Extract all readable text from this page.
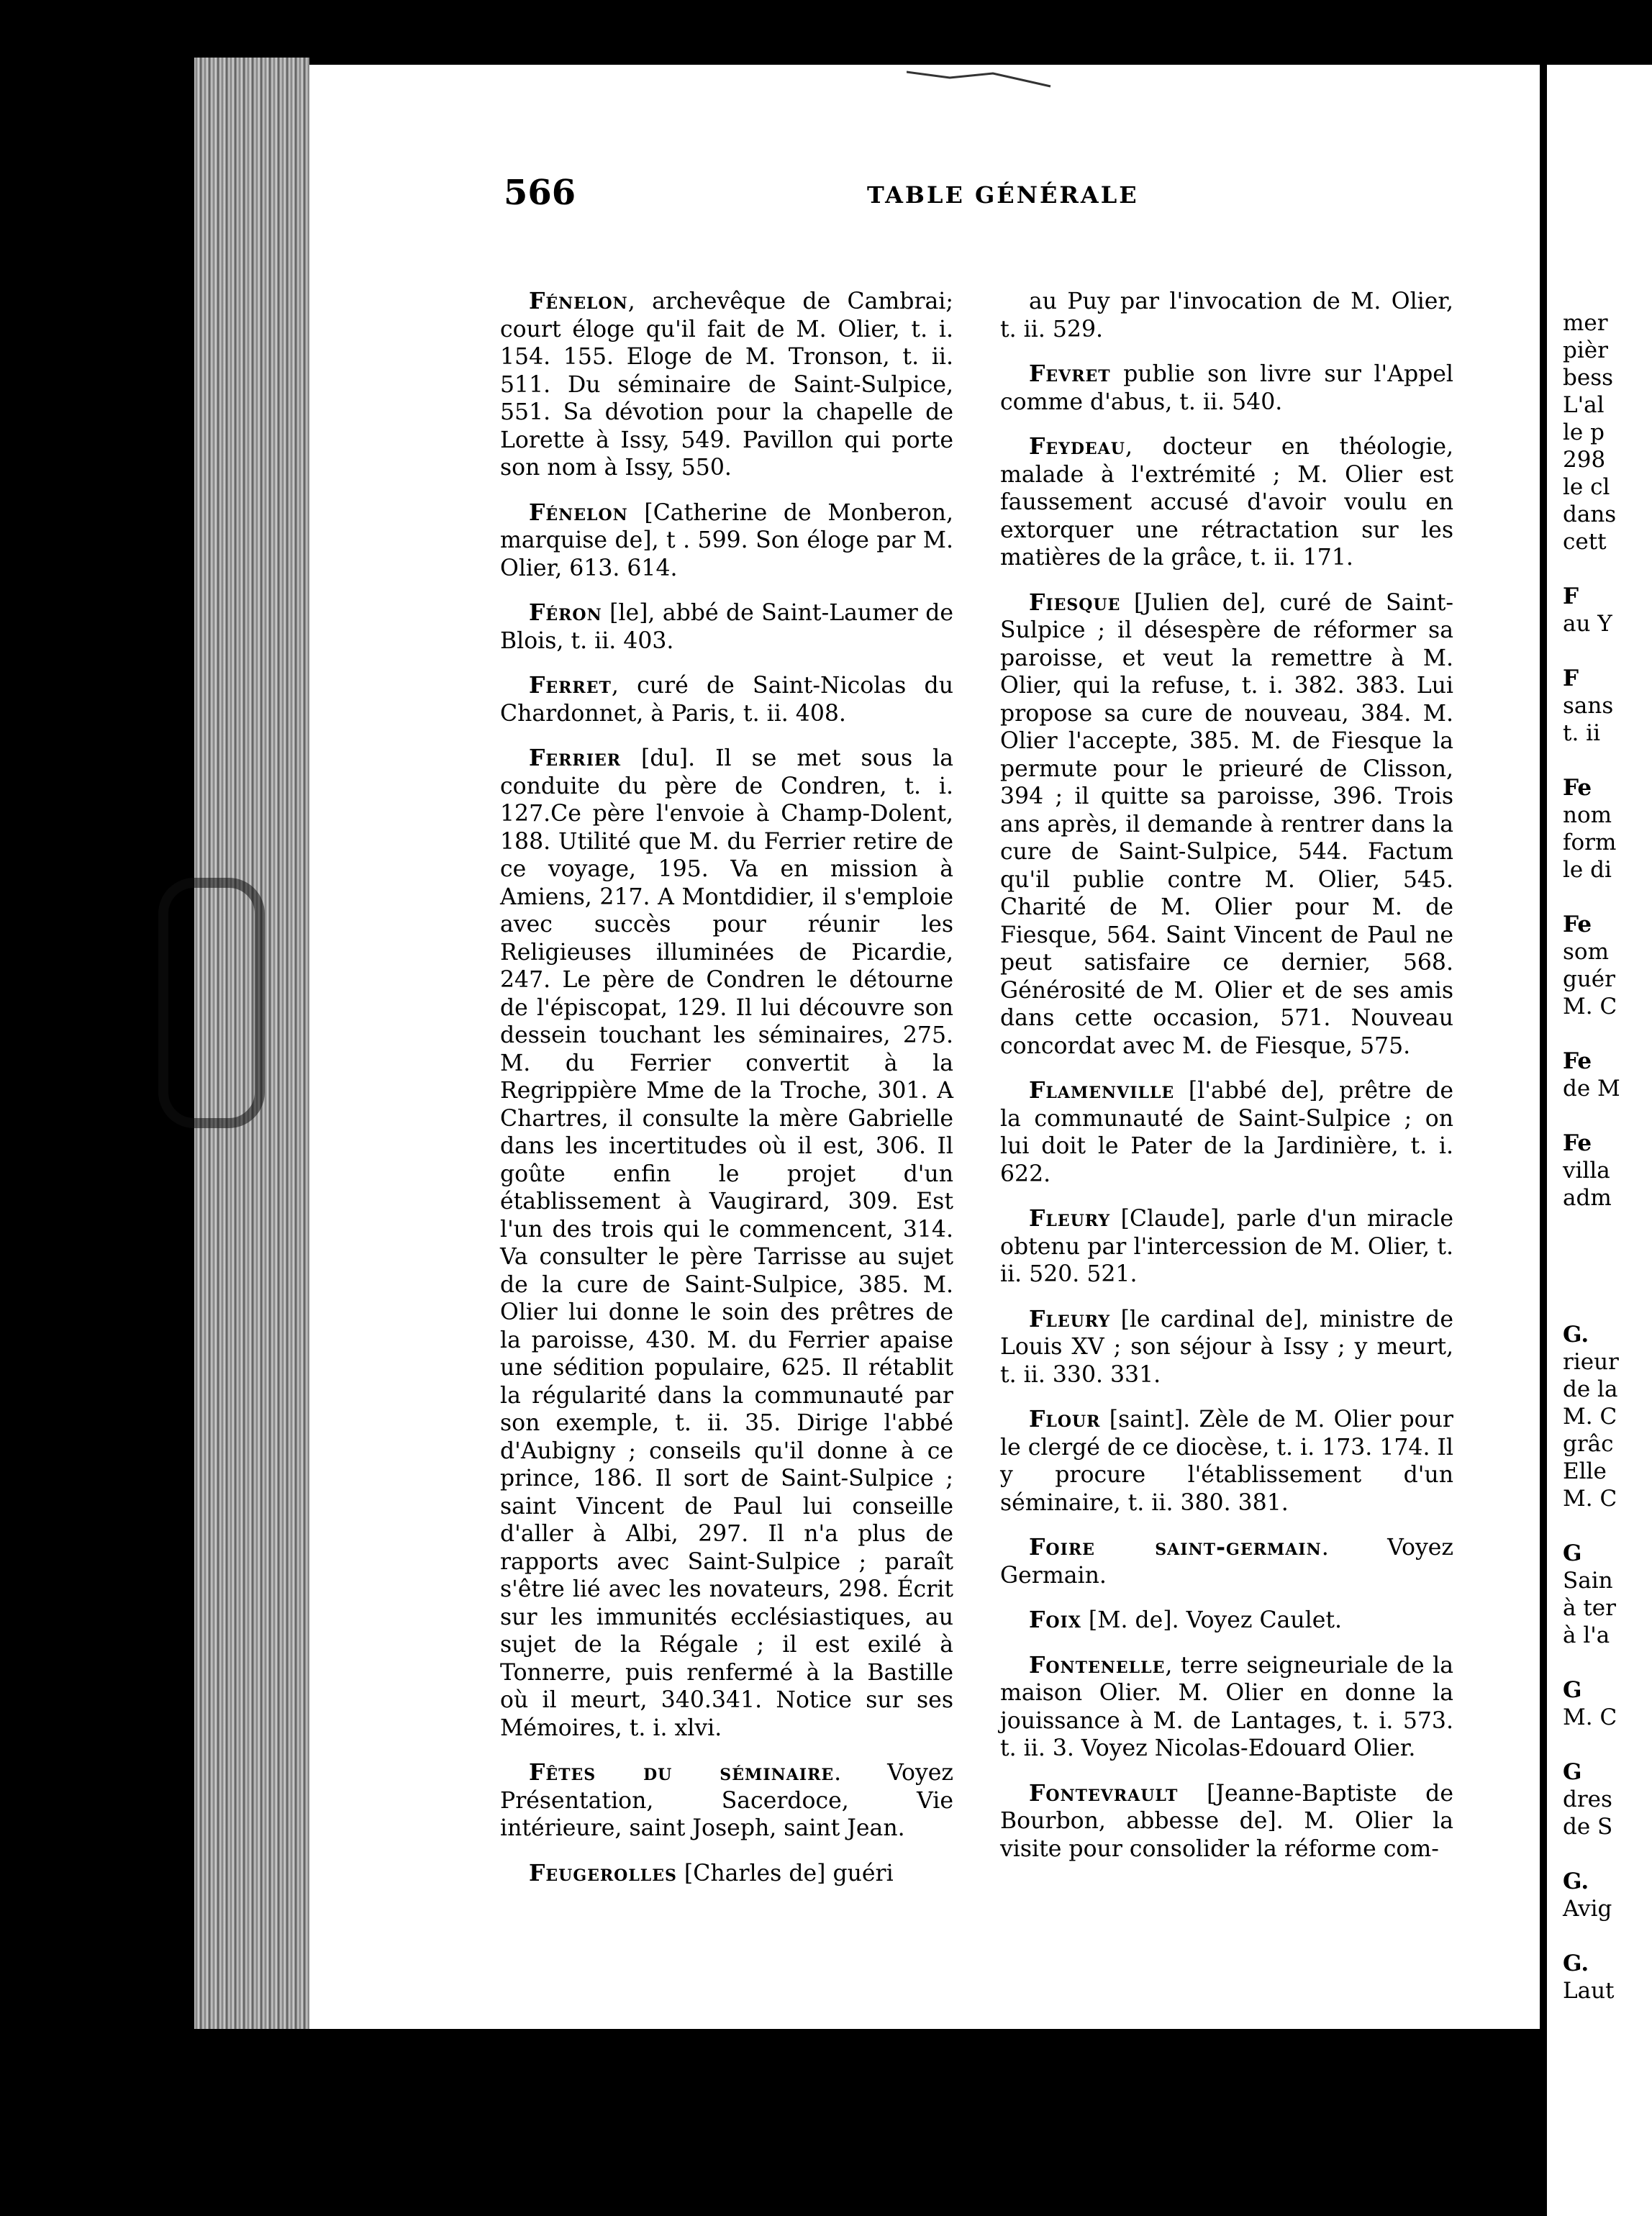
566	TABLE GÉNÉRALE

Fénelon, archevêque de Cambrai; court éloge qu'il fait de M. Olier, t. i. 154. 155. Eloge de M. Tronson, t. ii. 511. Du séminaire de Saint-Sulpice, 551. Sa dévotion pour la chapelle de Lorette à Issy, 549. Pavillon qui porte son nom à Issy, 550.

Fénelon [Catherine de Monberon, marquise de], t . 599. Son éloge par M. Olier, 613. 614.

Féron [le], abbé de Saint-Laumer de Blois, t. ii. 403.

Ferret, curé de Saint-Nicolas du Chardonnet, à Paris, t. ii. 408.

Ferrier [du]. Il se met sous la conduite du père de Condren, t. i. 127.Ce père l'envoie à Champ-Dolent, 188. Utilité que M. du Ferrier retire de ce voyage, 195. Va en mission à Amiens, 217. A Montdidier, il s'emploie avec succès pour réunir les Religieuses illuminées de Picardie, 247. Le père de Condren le détourne de l'épiscopat, 129. Il lui découvre son dessein touchant les séminaires, 275. M. du Ferrier convertit à la Regrippière Mme de la Troche, 301. A Chartres, il consulte la mère Gabrielle dans les incertitudes où il est, 306. Il goûte enfin le projet d'un établissement à Vaugirard, 309. Est l'un des trois qui le commencent, 314. Va consulter le père Tarrisse au sujet de la cure de Saint-Sulpice, 385. M. Olier lui donne le soin des prêtres de la paroisse, 430. M. du Ferrier apaise une sédition populaire, 625. Il rétablit la régularité dans la communauté par son exemple, t. ii. 35. Dirige l'abbé d'Aubigny ; conseils qu'il donne à ce prince, 186. Il sort de Saint-Sulpice ; saint Vincent de Paul lui conseille d'aller à Albi, 297. Il n'a plus de rapports avec Saint-Sulpice ; paraît s'être lié avec les novateurs, 298. Écrit sur les immunités ecclésiastiques, au sujet de la Régale ; il est exilé à Tonnerre, puis renfermé à la Bastille où il meurt, 340.341. Notice sur ses Mémoires, t. i. xlvi.

Fêtes du séminaire. Voyez Présentation, Sacerdoce, Vie intérieure, saint Joseph, saint Jean.

Feugerolles [Charles de] guéri

au Puy par l'invocation de M. Olier, t. ii. 529.

Fevret publie son livre sur l'Appel comme d'abus, t. ii. 540.

Feydeau, docteur en théologie, malade à l'extrémité ; M. Olier est faussement accusé d'avoir voulu en extorquer une rétractation sur les matières de la grâce, t. ii. 171.

Fiesque [Julien de], curé de Saint-Sulpice ; il désespère de réformer sa paroisse, et veut la remettre à M. Olier, qui la refuse, t. i. 382. 383. Lui propose sa cure de nouveau, 384. M. Olier l'accepte, 385. M. de Fiesque la permute pour le prieuré de Clisson, 394 ; il quitte sa paroisse, 396. Trois ans après, il demande à rentrer dans la cure de Saint-Sulpice, 544. Factum qu'il publie contre M. Olier, 545. Charité de M. Olier pour M. de Fiesque, 564. Saint Vincent de Paul ne peut satisfaire ce dernier, 568. Générosité de M. Olier et de ses amis dans cette occasion, 571. Nouveau concordat avec M. de Fiesque, 575.

Flamenville [l'abbé de], prêtre de la communauté de Saint-Sulpice ; on lui doit le Pater de la Jardinière, t. i. 622.

Fleury [Claude], parle d'un miracle obtenu par l'intercession de M. Olier, t. ii. 520. 521.

Fleury [le cardinal de], ministre de Louis XV ; son séjour à Issy ; y meurt, t. ii. 330. 331.

Flour [saint]. Zèle de M. Olier pour le clergé de ce diocèse, t. i. 173. 174. Il y procure l'établissement d'un séminaire, t. ii. 380. 381.

Foire saint-germain. Voyez Germain.

Foix [M. de]. Voyez Caulet.

Fontenelle, terre seigneuriale de la maison Olier. M. Olier en donne la jouissance à M. de Lantages, t. i. 573. t. ii. 3. Voyez Nicolas-Edouard Olier.

Fontevrault [Jeanne-Baptiste de Bourbon, abbesse de]. M. Olier la visite pour consolider la réforme com-

mer
pièr
bess
L'al
le p
298
le cl
dans
cett
F
au Y
F
sans
t. ii
Fe
nom
form
le di
Fe
som
guér
M. C
Fe
de M
Fe
villa
adm
G.
rieur
de la
M. C
grâc
Elle
M. C
G
Sain
à ter
à l'a
G
M. C
G
dres
de S
G.
Avig
G.
Laut
